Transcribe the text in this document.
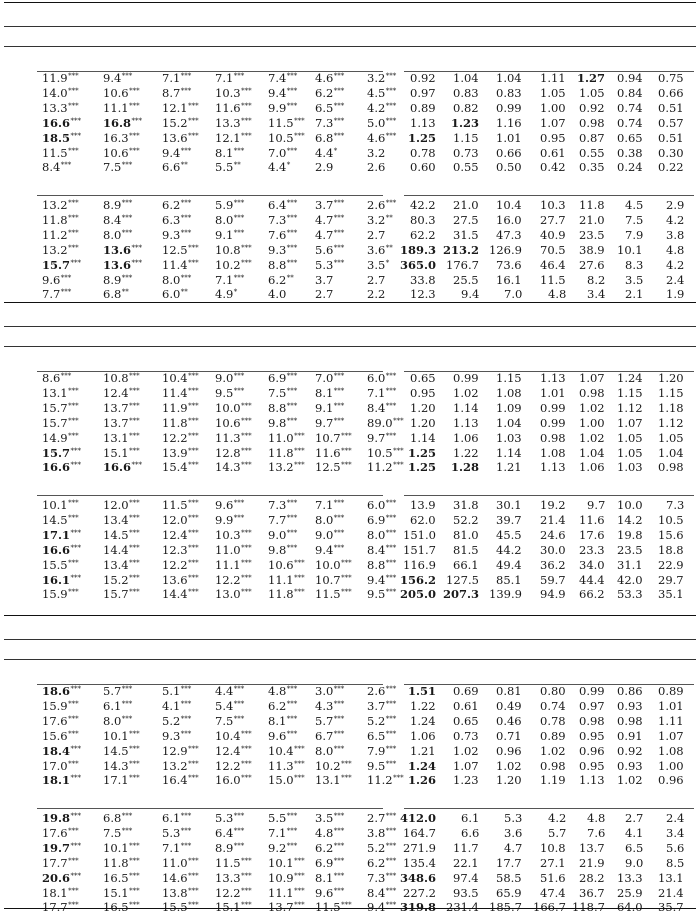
11.9*** 9.4***	7.1*** 7.1*** 7.4*** 4.6*** 3.2*** 0.92 1.04 1.04 1.11 1.27 0.94 0.75
14.0*** 10.6*** 8.7*** 10.3*** 9.4*** 6.2*** 4.5*** 0.97 0.83 0.83 1.05 1.05 0.84 0.66
13.3*** 11.1*** 12.1*** 11.6*** 9.9*** 6.5*** 4.2*** 0.89 0.82 0.99 1.00 0.92 0.74 0.51
16.6*** 16.8*** 15.2*** 13.3*** 11.5*** 7.3*** 5.0*** 1.13 1.23 1.16 1.07 0.98 0.74 0.57
18.5*** 16.3*** 13.6*** 12.1*** 10.5*** 6.8*** 4.6*** 1.25 1.15 1.01 0.95 0.87 0.65 0.51
11.5*** 10.6*** 9.4*** 8.1*** 7.0*** 4.4*	3.2 0.78 0.73 0.66 0.61 0.55 0.38 0.30
8.4***	7.5***	6.6** 5.5** 4.4* 2.9	2.6 0.60 0.55 0.50 0.42 0.35 0.24 0.22
13.2*** 8.9***	6.2*** 5.9*** 6.4*** 3.7*** 2.6*** 42.2 21.0 10.4 10.3 11.8 4.5 2.9
11.8*** 8.4***	6.3*** 8.0*** 7.3*** 4.7*** 3.2** 80.3 27.5 16.0 27.7 21.0 7.5 4.2
11.2*** 8.0***	9.3*** 9.1*** 7.6*** 4.7*** 2.7 62.2 31.5 47.3 40.9 23.5 7.9 3.8
13.2*** 13.6*** 12.5*** 10.8*** 9.3*** 5.6*** 3.6** 189.3 213.2 126.9 70.5 38.9 10.1 4.8
15.7*** 13.6*** 11.4*** 10.2*** 8.8*** 5.3*** 3.5* 365.0 176.7 73.6 46.4 27.6 8.3 4.2
9.6***	8.9***	8.0*** 7.1*** 6.2** 3.7	2.7 33.8 25.5 16.1 11.5 8.2 3.5 2.4
7.7***	6.8**	6.0** 4.9*	4.0 2.7	2.2 12.3 9.4 7.0 4.8 3.4 2.1 1.9
8.6***	10.8*** 10.4*** 9.0*** 6.9*** 7.0*** 6.0*** 0.65 0.99 1.15 1.13 1.07 1.24 1.20
13.1*** 12.4*** 11.4*** 9.5*** 7.5*** 8.1*** 7.1*** 0.95 1.02 1.08 1.01 0.98 1.15 1.15
15.7*** 13.7*** 11.9*** 10.0*** 8.8*** 9.1*** 8.4*** 1.20 1.14 1.09 0.99 1.02 1.12 1.18
15.7*** 13.7*** 11.8*** 10.6*** 9.8*** 9.7*** 89.0*** 1.20 1.13 1.04 0.99 1.00 1.07 1.12
14.9*** 13.1*** 12.2*** 11.3*** 11.0*** 10.7*** 9.7*** 1.14 1.06 1.03 0.98 1.02 1.05 1.05
15.7*** 15.1*** 13.9*** 12.8*** 11.8*** 11.6*** 10.5*** 1.25 1.22 1.14 1.08 1.04 1.05 1.04
16.6*** 16.6*** 15.4*** 14.3*** 13.2*** 12.5*** 11.2*** 1.25 1.28 1.21 1.13 1.06 1.03 0.98
10.1*** 12.0*** 11.5*** 9.6*** 7.3*** 7.1*** 6.0*** 13.9 31.8 30.1 19.2 9.7 10.0 7.3
14.5*** 13.4*** 12.0*** 9.9*** 7.7*** 8.0*** 6.9*** 62.0 52.2 39.7 21.4 11.6 14.2 10.5
17.1*** 14.5*** 12.4*** 10.3*** 9.0*** 9.0*** 8.0*** 151.0 81.0 45.5 24.6 17.6 19.8 15.6
16.6*** 14.4*** 12.3*** 11.0*** 9.8*** 9.4*** 8.4*** 151.7 81.5 44.2 30.0 23.3 23.5 18.8
15.5*** 13.4*** 12.2*** 11.1*** 10.6*** 10.0*** 8.8*** 116.9 66.1 49.4 36.2 34.0 31.1 22.9
16.1*** 15.2*** 13.6*** 12.2*** 11.1*** 10.7*** 9.4*** 156.2 127.5 85.1 59.7 44.4 42.0 29.7
15.9*** 15.7*** 14.4*** 13.0*** 11.8*** 11.5*** 9.5*** 205.0 207.3 139.9 94.9 66.2 53.3 35.1
18.6*** 5.7***	5.1*** 4.4*** 4.8*** 3.0*** 2.6*** 1.51 0.69 0.81 0.80 0.99 0.86 0.89
15.9*** 6.1***	4.1*** 5.4*** 6.2*** 4.3*** 3.7*** 1.22 0.61 0.49 0.74 0.97 0.93 1.01
17.6*** 8.0***	5.2*** 7.5*** 8.1*** 5.7*** 5.2*** 1.24 0.65 0.46 0.78 0.98 0.98 1.11
15.6*** 10.1*** 9.3*** 10.4*** 9.6*** 6.7*** 6.5*** 1.06 0.73 0.71 0.89 0.95 0.91 1.07
18.4*** 14.5*** 12.9*** 12.4*** 10.4*** 8.0*** 7.9*** 1.21 1.02 0.96 1.02 0.96 0.92 1.08
17.0*** 14.3*** 13.2*** 12.2*** 11.3*** 10.2*** 9.5*** 1.24 1.07 1.02 0.98 0.95 0.93 1.00
18.1*** 17.1*** 16.4*** 16.0*** 15.0*** 13.1*** 11.2*** 1.26 1.23 1.20 1.19 1.13 1.02 0.96
19.8*** 6.8***	6.1*** 5.3*** 5.5*** 3.5*** 2.7*** 412.0 6.1 5.3 4.2 4.8 2.7 2.4
17.6*** 7.5***	5.3*** 6.4*** 7.1*** 4.8*** 3.8*** 164.7 6.6 3.6 5.7 7.6 4.1 3.4
19.7*** 10.1*** 7.1*** 8.9*** 9.2*** 6.2*** 5.2*** 271.9 11.7 4.7 10.8 13.7 6.5 5.6
17.7*** 11.8*** 11.0*** 11.5*** 10.1*** 6.9*** 6.2*** 135.4 22.1 17.7 27.1 21.9 9.0 8.5
20.6*** 16.5*** 14.6*** 13.3*** 10.9*** 8.1*** 7.3*** 348.6 97.4 58.5 51.6 28.2 13.3 13.1
18.1*** 15.1*** 13.8*** 12.2*** 11.1*** 9.6*** 8.4*** 227.2 93.5 65.9 47.4 36.7 25.9 21.4
17.7*** 16.5*** 15.5*** 15.1*** 13.7*** 11.5*** 9.4*** 319.8 231.4 185.7 166.7 118.7 64.0 35.7
